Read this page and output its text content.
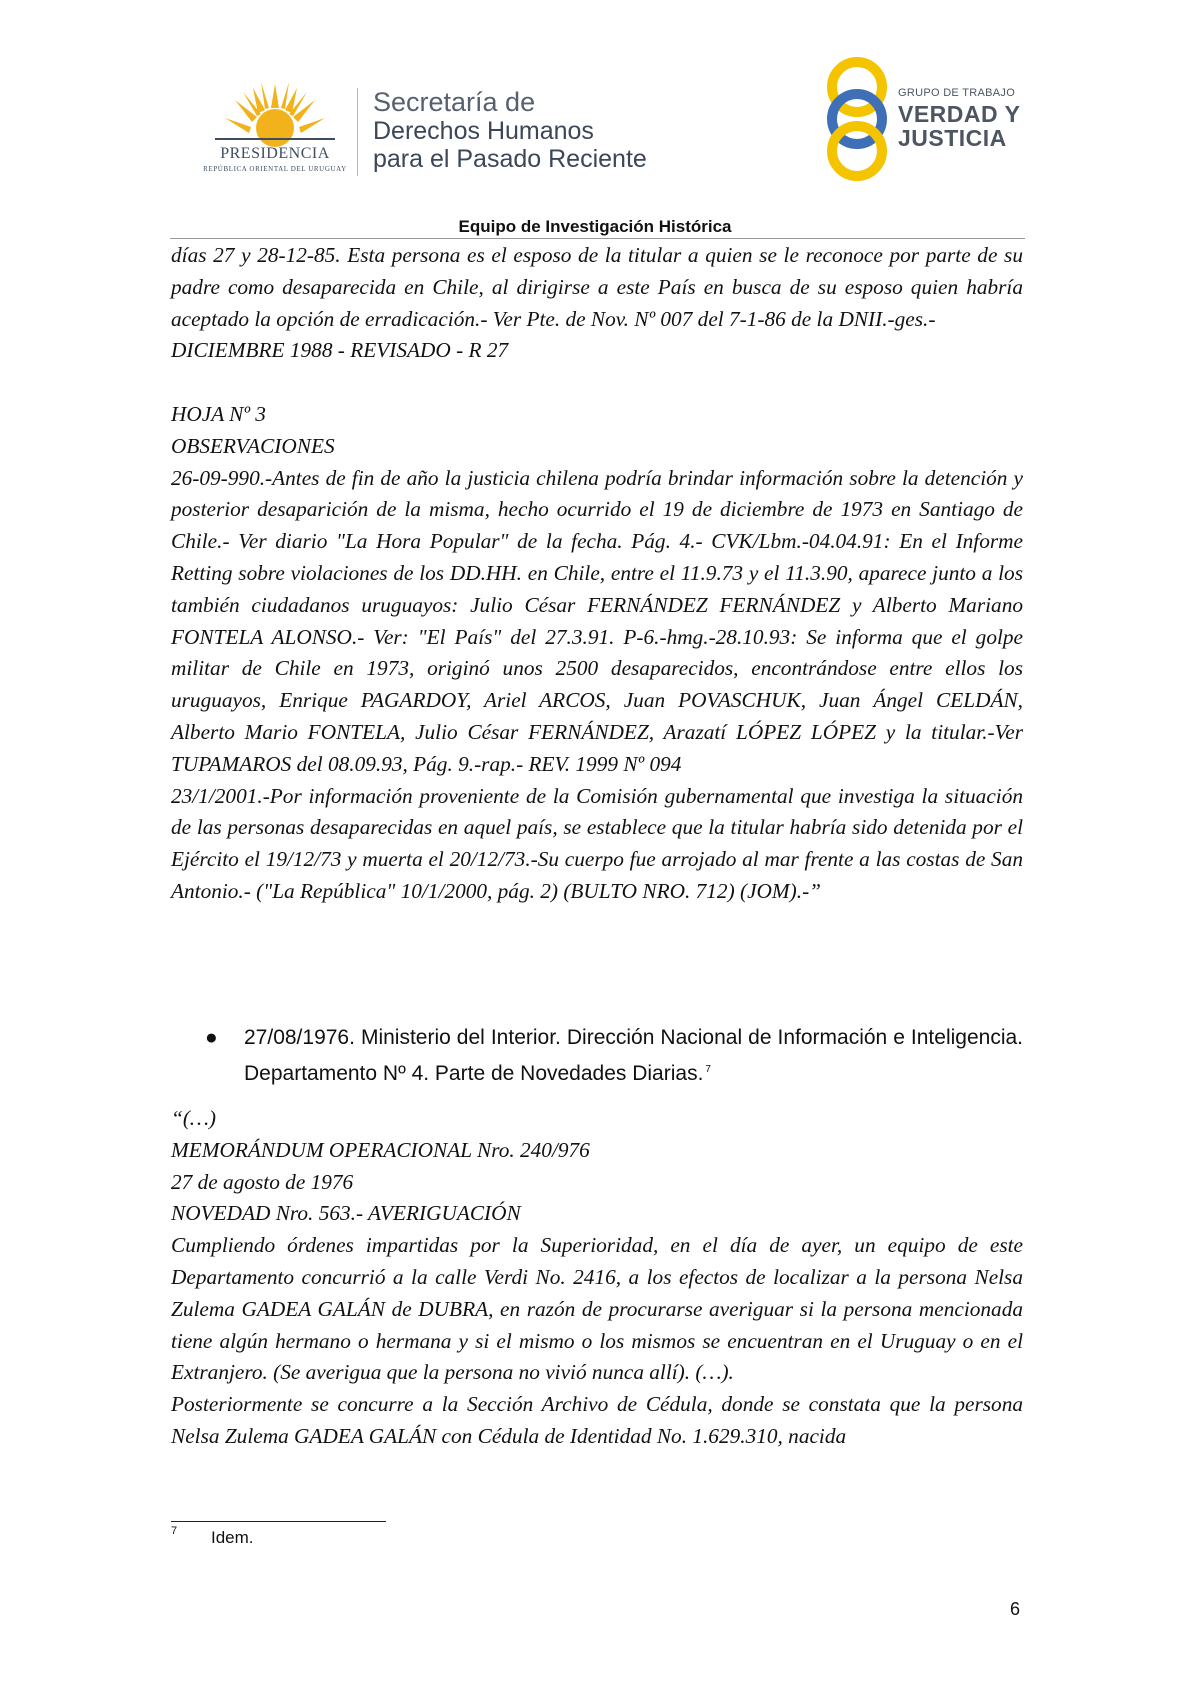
PRESIDENCIA
REPÚBLICA ORIENTAL DEL URUGUAY
Secretaría de
Derechos Humanos
para el Pasado Reciente
GRUPO DE TRABAJO
VERDAD Y
JUSTICIA
Equipo de Investigación Histórica

días 27 y 28-12-85. Esta persona es el esposo de la titular a quien se le reconoce por parte de su padre como desaparecida en Chile, al dirigirse a este País en busca de su esposo quien habría aceptado la opción de erradicación.- Ver Pte. de Nov. Nº 007 del 7-1-86 de la DNII.-ges.-

DICIEMBRE 1988 - REVISADO - R 27

HOJA Nº 3

OBSERVACIONES

26-09-990.-Antes de fin de año la justicia chilena podría brindar información sobre la detención y posterior desaparición de la misma, hecho ocurrido el 19 de diciembre de 1973 en Santiago de Chile.- Ver diario "La Hora Popular" de la fecha. Pág. 4.- CVK/Lbm.-04.04.91: En el Informe Retting sobre violaciones de los DD.HH. en Chile, entre el 11.9.73 y el 11.3.90, aparece junto a los también ciudadanos uruguayos: Julio César FERNÁNDEZ FERNÁNDEZ y Alberto Mariano FONTELA ALONSO.- Ver: "El País" del 27.3.91. P-6.-hmg.-28.10.93: Se informa que el golpe militar de Chile en 1973, originó unos 2500 desaparecidos, encontrándose entre ellos los uruguayos, Enrique PAGARDOY, Ariel ARCOS, Juan POVASCHUK, Juan Ángel CELDÁN, Alberto Mario FONTELA, Julio César FERNÁNDEZ, Arazatí LÓPEZ LÓPEZ y la titular.-Ver TUPAMAROS del 08.09.93, Pág. 9.-rap.- REV. 1999 Nº 094

23/1/2001.-Por información proveniente de la Comisión gubernamental que investiga la situación de las personas desaparecidas en aquel país, se establece que la titular habría sido detenida por el Ejército el 19/12/73 y muerta el 20/12/73.-Su cuerpo fue arrojado al mar frente a las costas de San Antonio.- ("La República" 10/1/2000, pág. 2) (BULTO NRO. 712) (JOM).-”

● 27/08/1976. Ministerio del Interior. Dirección Nacional de Información e Inteligencia. Departamento Nº 4. Parte de Novedades Diarias. $^7$

“(…)

MEMORÁNDUM OPERACIONAL Nro. 240/976

27 de agosto de 1976

NOVEDAD Nro. 563.- AVERIGUACIÓN

Cumpliendo órdenes impartidas por la Superioridad, en el día de ayer, un equipo de este Departamento concurrió a la calle Verdi No. 2416, a los efectos de localizar a la persona Nelsa Zulema GADEA GALÁN de DUBRA, en razón de procurarse averiguar si la persona mencionada tiene algún hermano o hermana y si el mismo o los mismos se encuentran en el Uruguay o en el Extranjero. (Se averigua que la persona no vivió nunca allí). (…).

Posteriormente se concurre a la Sección Archivo de Cédula, donde se constata que la persona Nelsa Zulema GADEA GALÁN con Cédula de Identidad No. 1.629.310, nacida

7 Idem.
6
